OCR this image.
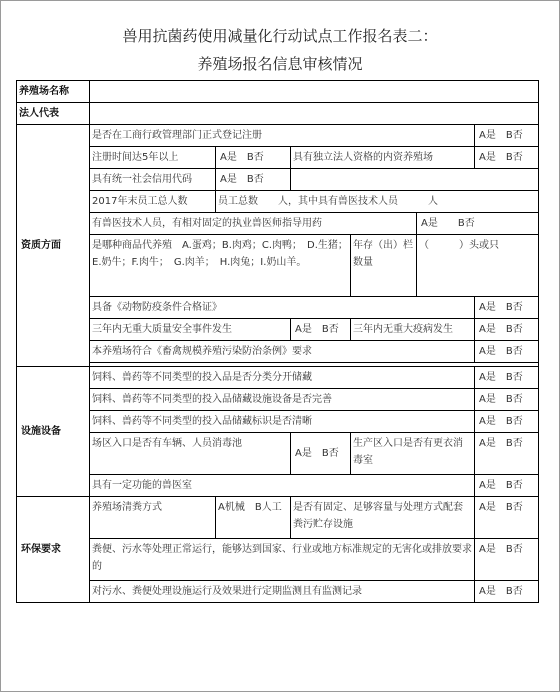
兽用抗菌药使用减量化行动试点工作报名表二：
养殖场报名信息审核情况
养殖场名称						
法人代表						
资质方面	是否在工商行政管理部门正式登记注册					A是　B否
	注册时间达5年以上	A是　B否	具有独立法人资格的内资养殖场			A是　B否
	具有统一社会信用代码	A是　B否				
	2017年末员工总人数	员工总数　　人，其中具有兽医技术人员　　　人				
	有兽医技术人员，有相对固定的执业兽医师指导用药				A是　　B否	
	是哪种商品代养殖　A.蛋鸡；B.肉鸡；C.肉鸭；　D.生猪；E.奶牛；F.肉牛；　G.肉羊；　H.肉兔；I.奶山羊。			年存（出）栏数量	（　　　）头或只	
	具备《动物防疫条件合格证》					A是　B否
	三年内无重大质量安全事件发生		A是　B否	三年内无重大疫病发生		A是　B否
	本养殖场符合《畜禽规模养殖污染防治条例》要求					A是　B否

设施设备	饲料、兽药等不同类型的投入品是否分类分开储藏					A是　B否
	饲料、兽药等不同类型的投入品储藏设施设备是否完善					A是　B否
	饲料、兽药等不同类型的投入品储藏标识是否清晰					A是　B否
	场区入口是否有车辆、人员消毒池		A是　B否	生产区入口是否有更衣消毒室		A是　B否
	具有一定功能的兽医室					A是　B否
环保要求	养殖场清粪方式	A机械　B人工	是否有固定、足够容量与处理方式配套粪污贮存设施			A是　B否
	粪便、污水等处理正常运行，能够达到国家、行业或地方标准规定的无害化或排放要求的					A是　B否
	对污水、粪便处理设施运行及效果进行定期监测且有监测记录					A是　B否
